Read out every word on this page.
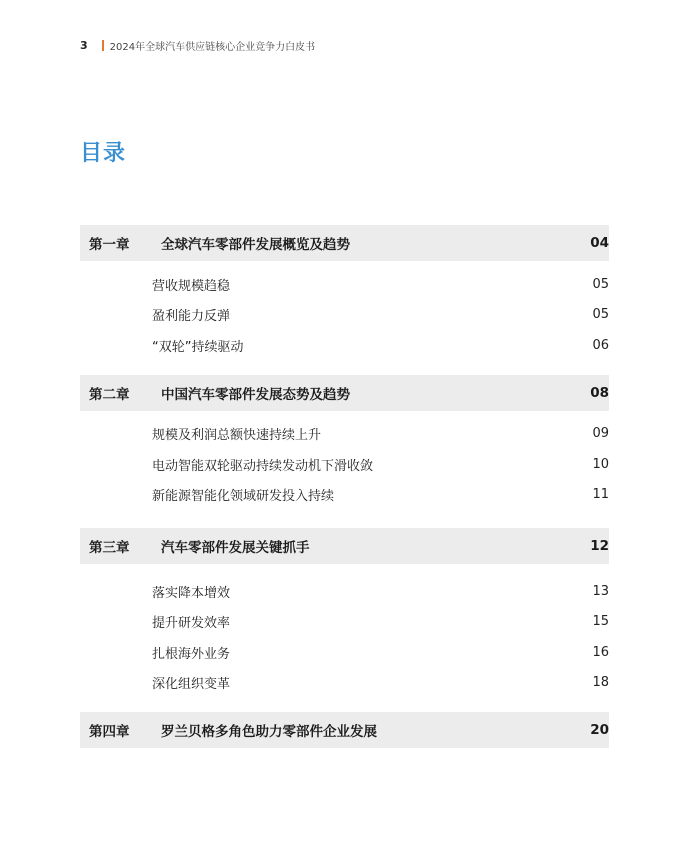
3 2024年全球汽车供应链核心企业竞争力白皮书
目录
第一章	全球汽车零部件发展概览及趋势	04
营收规模趋稳	05
盈利能力反弹	05
“双轮”持续驱动	06
第二章	中国汽车零部件发展态势及趋势	08
规模及利润总额快速持续上升	09
电动智能双轮驱动持续发动机下滑收敛	10
新能源智能化领域研发投入持续	11
第三章	汽车零部件发展关键抓手	12
落实降本增效	13
提升研发效率	15
扎根海外业务	16
深化组织变革	18
第四章	罗兰贝格多角色助力零部件企业发展	20
